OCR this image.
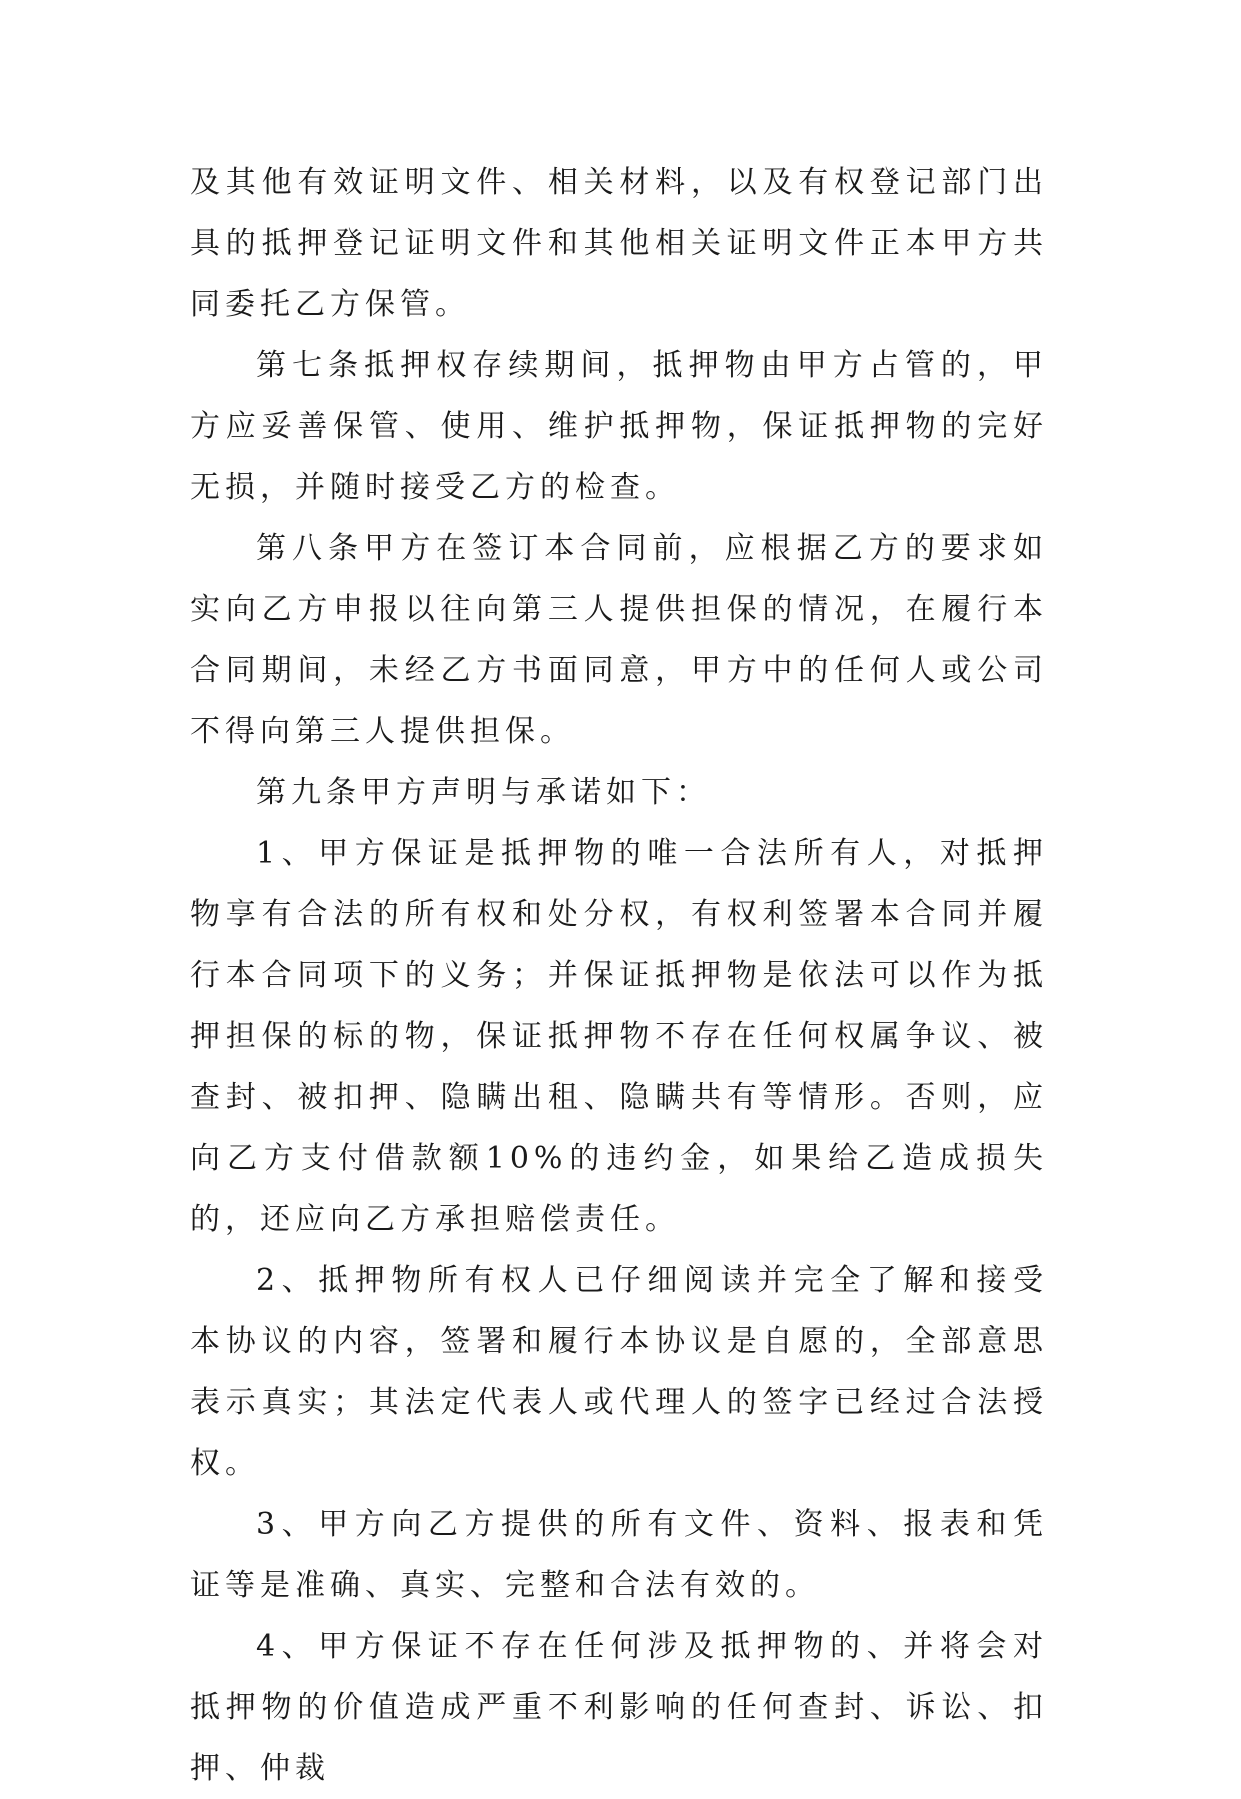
及其他有效证明文件、相关材料，以及有权登记部门出具的抵押登记证明文件和其他相关证明文件正本甲方共同委托乙方保管。

第七条抵押权存续期间，抵押物由甲方占管的，甲方应妥善保管、使用、维护抵押物，保证抵押物的完好无损，并随时接受乙方的检查。

第八条甲方在签订本合同前，应根据乙方的要求如实向乙方申报以往向第三人提供担保的情况，在履行本合同期间，未经乙方书面同意，甲方中的任何人或公司不得向第三人提供担保。

第九条甲方声明与承诺如下：

1、甲方保证是抵押物的唯一合法所有人，对抵押物享有合法的所有权和处分权，有权利签署本合同并履行本合同项下的义务；并保证抵押物是依法可以作为抵押担保的标的物，保证抵押物不存在任何权属争议、被查封、被扣押、隐瞒出租、隐瞒共有等情形。否则，应向乙方支付借款额10%的违约金，如果给乙造成损失的，还应向乙方承担赔偿责任。

2、抵押物所有权人已仔细阅读并完全了解和接受本协议的内容，签署和履行本协议是自愿的，全部意思表示真实；其法定代表人或代理人的签字已经过合法授权。

3、甲方向乙方提供的所有文件、资料、报表和凭证等是准确、真实、完整和合法有效的。

4、甲方保证不存在任何涉及抵押物的、并将会对抵押物的价值造成严重不利影响的任何查封、诉讼、扣押、仲裁
